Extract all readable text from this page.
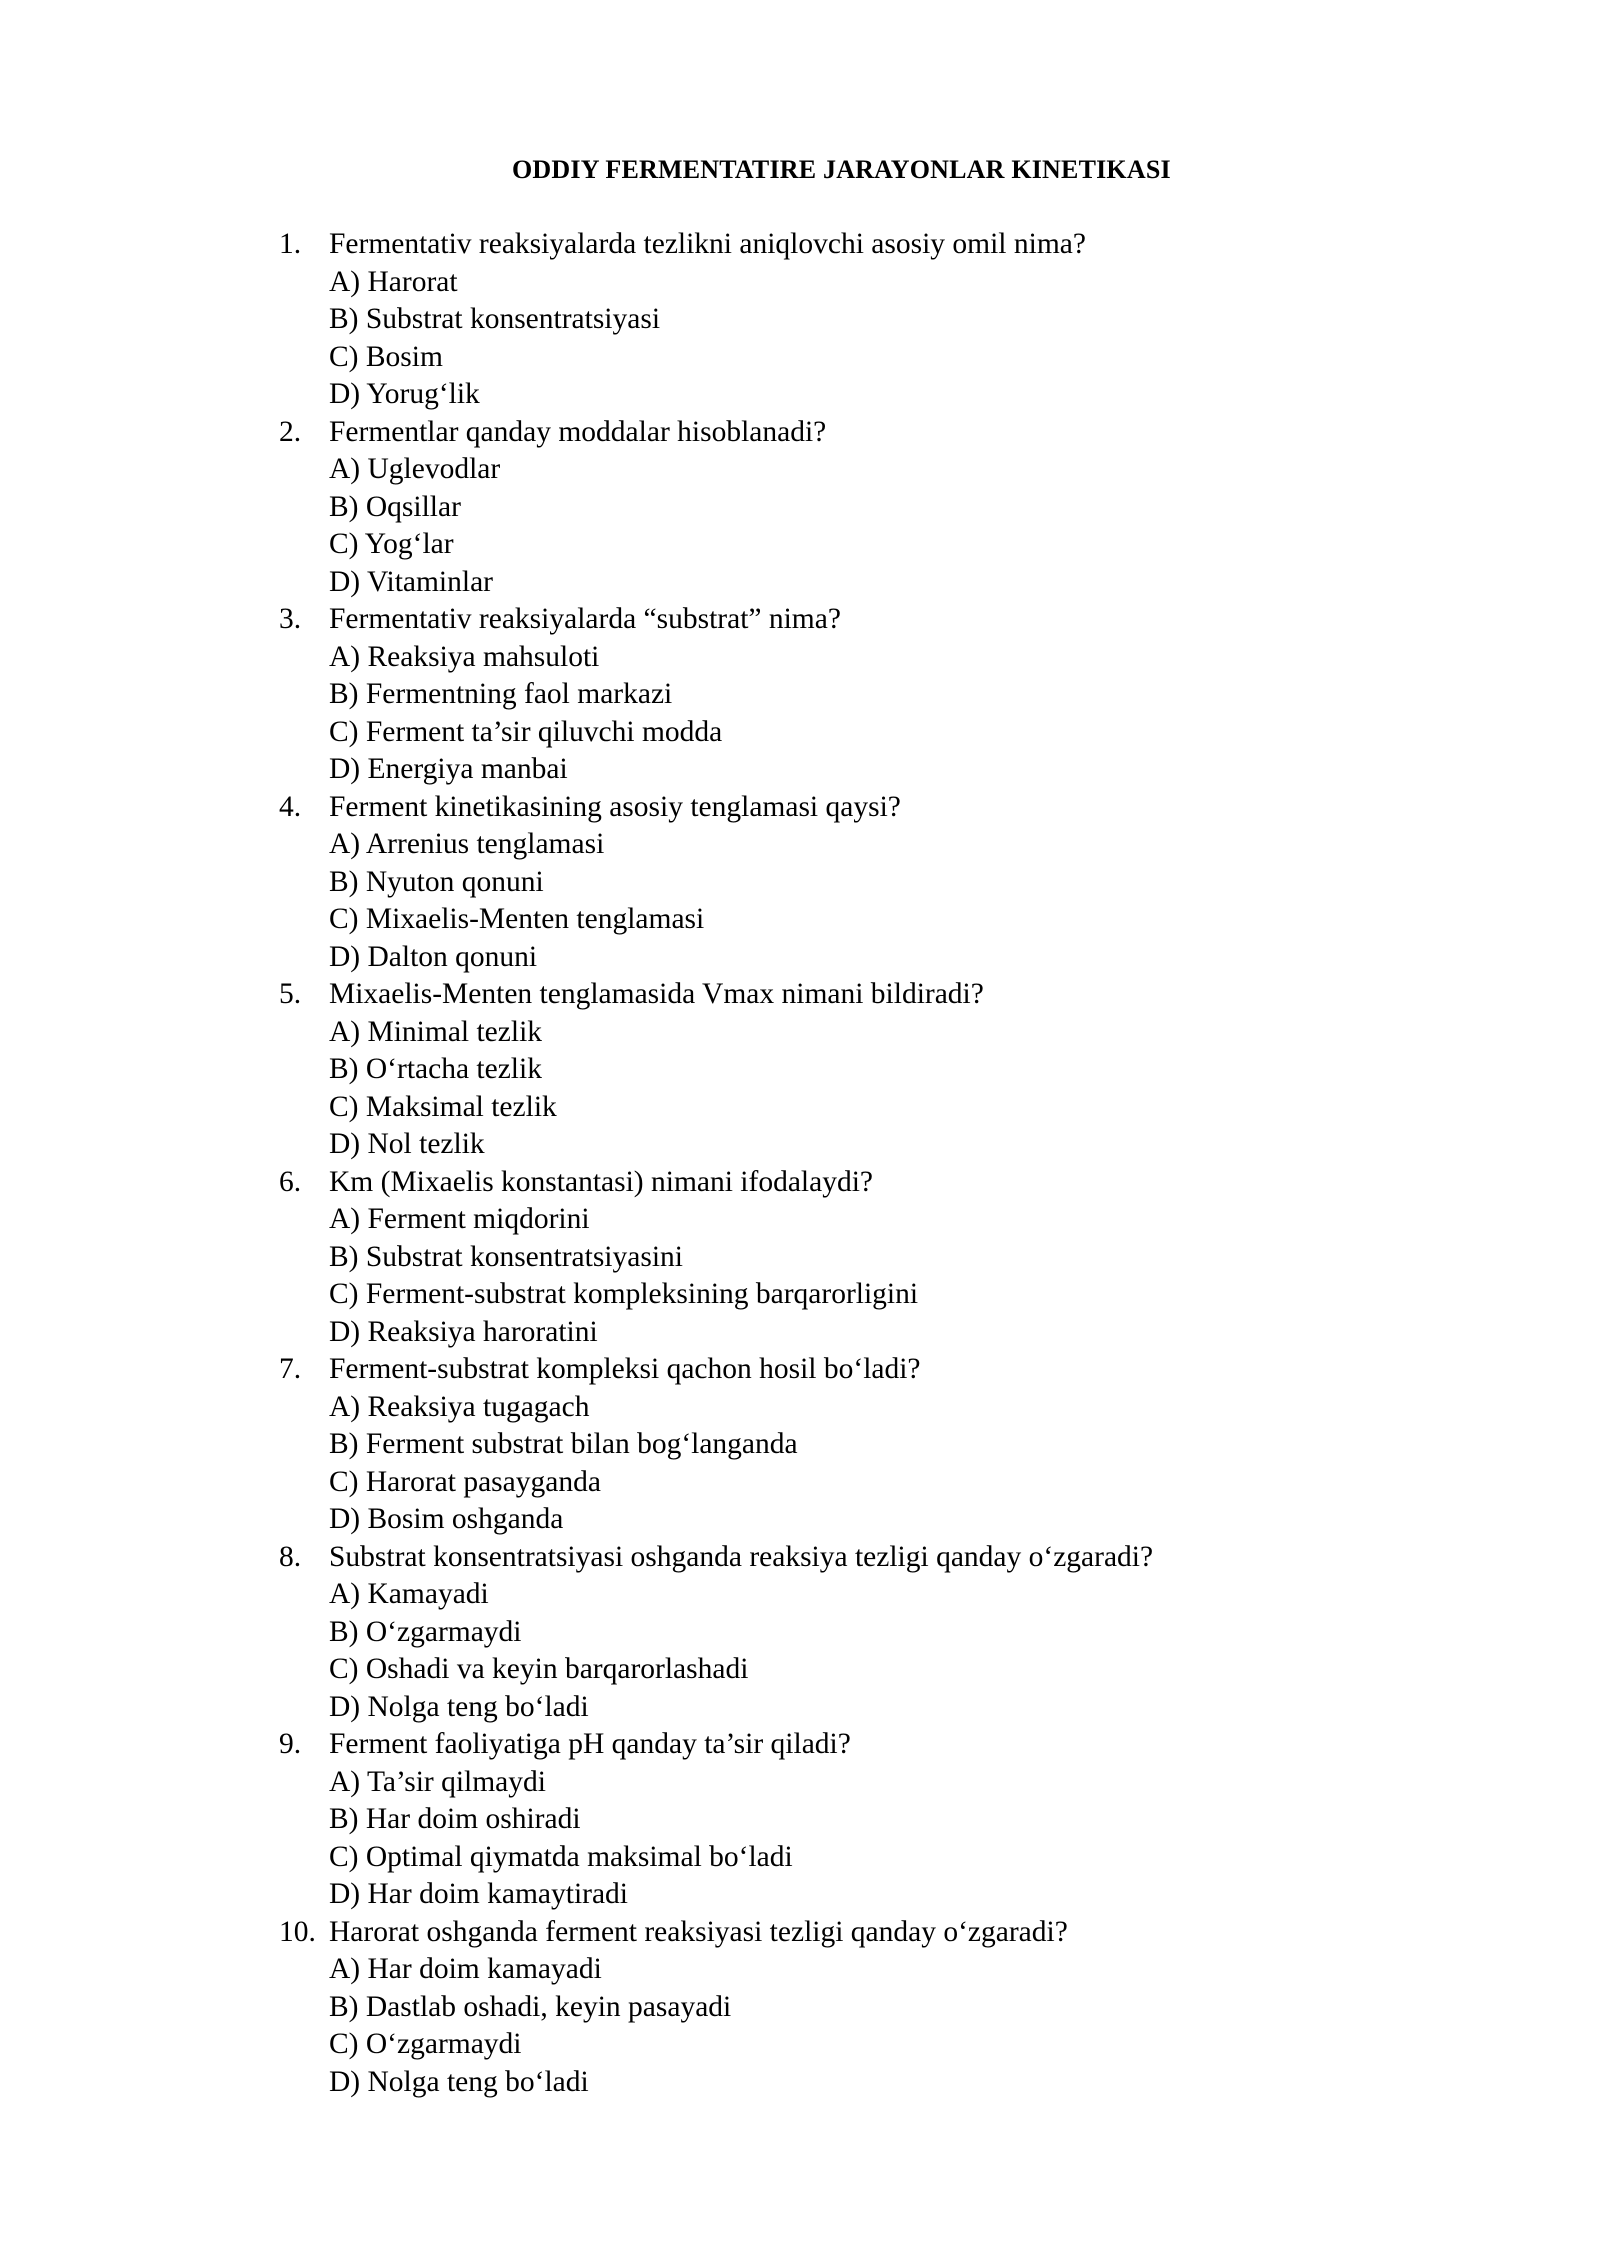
ODDIY FERMENTATIRE JARAYONLAR KINETIKASI
1. Fermentativ reaksiyalarda tezlikni aniqlovchi asosiy omil nima?
A) Harorat
B) Substrat konsentratsiyasi
C) Bosim
D) Yorug‘lik
2. Fermentlar qanday moddalar hisoblanadi?
A) Uglevodlar
B) Oqsillar
C) Yog‘lar
D) Vitaminlar
3. Fermentativ reaksiyalarda “substrat” nima?
A) Reaksiya mahsuloti
B) Fermentning faol markazi
C) Ferment ta’sir qiluvchi modda
D) Energiya manbai
4. Ferment kinetikasining asosiy tenglamasi qaysi?
A) Arrenius tenglamasi
B) Nyuton qonuni
C) Mixaelis-Menten tenglamasi
D) Dalton qonuni
5. Mixaelis-Menten tenglamasida Vmax nimani bildiradi?
A) Minimal tezlik
B) O‘rtacha tezlik
C) Maksimal tezlik
D) Nol tezlik
6. Km (Mixaelis konstantasi) nimani ifodalaydi?
A) Ferment miqdorini
B) Substrat konsentratsiyasini
C) Ferment-substrat kompleksining barqarorligini
D) Reaksiya haroratini
7. Ferment-substrat kompleksi qachon hosil bo‘ladi?
A) Reaksiya tugagach
B) Ferment substrat bilan bog‘langanda
C) Harorat pasayganda
D) Bosim oshganda
8. Substrat konsentratsiyasi oshganda reaksiya tezligi qanday o‘zgaradi?
A) Kamayadi
B) O‘zgarmaydi
C) Oshadi va keyin barqarorlashadi
D) Nolga teng bo‘ladi
9. Ferment faoliyatiga pH qanday ta’sir qiladi?
A) Ta’sir qilmaydi
B) Har doim oshiradi
C) Optimal qiymatda maksimal bo‘ladi
D) Har doim kamaytiradi
10. Harorat oshganda ferment reaksiyasi tezligi qanday o‘zgaradi?
A) Har doim kamayadi
B) Dastlab oshadi, keyin pasayadi
C) O‘zgarmaydi
D) Nolga teng bo‘ladi
